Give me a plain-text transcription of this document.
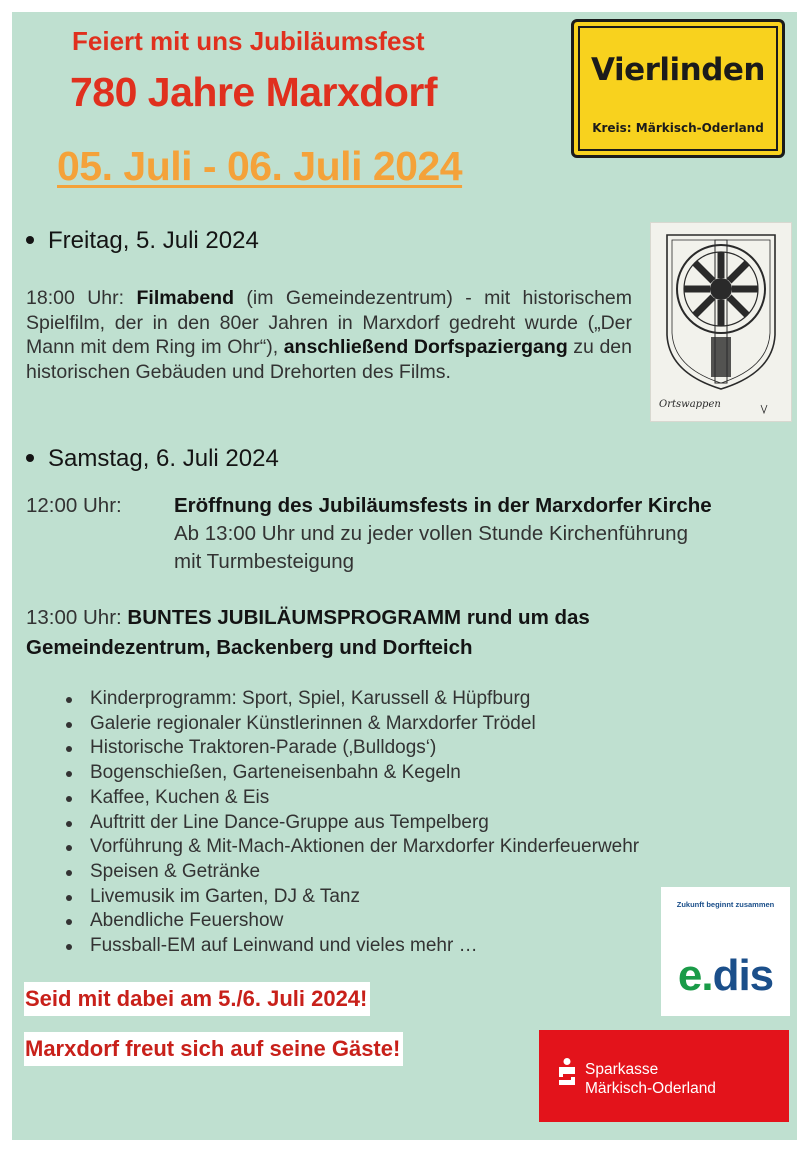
Feiert mit uns Jubiläumsfest
780 Jahre Marxdorf
05. Juli - 06. Juli 2024
Vierlinden
Kreis: Märkisch-Oderland
Freitag, 5. Juli 2024
18:00 Uhr: Filmabend (im Gemeindezentrum) - mit historischem Spielfilm, der in den 80er Jahren in Marxdorf gedreht wurde („Der Mann mit dem Ring im Ohr“), anschließend Dorfspaziergang zu den historischen Gebäuden und Drehorten des Films.
Ortswappen
Samstag, 6. Juli 2024
12:00 Uhr:	Eröffnung des Jubiläumsfests in der Marxdorfer Kirche
Ab 13:00 Uhr und zu jeder vollen Stunde Kirchenführung
mit Turmbesteigung
13:00 Uhr: BUNTES JUBILÄUMSPROGRAMM rund um das
Gemeindezentrum, Backenberg und Dorfteich
Kinderprogramm: Sport, Spiel, Karussell & Hüpfburg
Galerie regionaler Künstlerinnen & Marxdorfer Trödel
Historische Traktoren-Parade (‚Bulldogs‘)
Bogenschießen, Garteneisenbahn & Kegeln
Kaffee, Kuchen & Eis
Auftritt der Line Dance-Gruppe aus Tempelberg
Vorführung & Mit-Mach-Aktionen der Marxdorfer Kinderfeuerwehr
Speisen & Getränke
Livemusik im Garten, DJ & Tanz
Abendliche Feuershow
Fussball-EM auf Leinwand und vieles mehr …
Seid mit dabei am 5./6. Juli 2024!
Marxdorf freut sich auf seine Gäste!
Zukunft beginnt zusammen
e.dis
Sparkasse
Märkisch-Oderland
